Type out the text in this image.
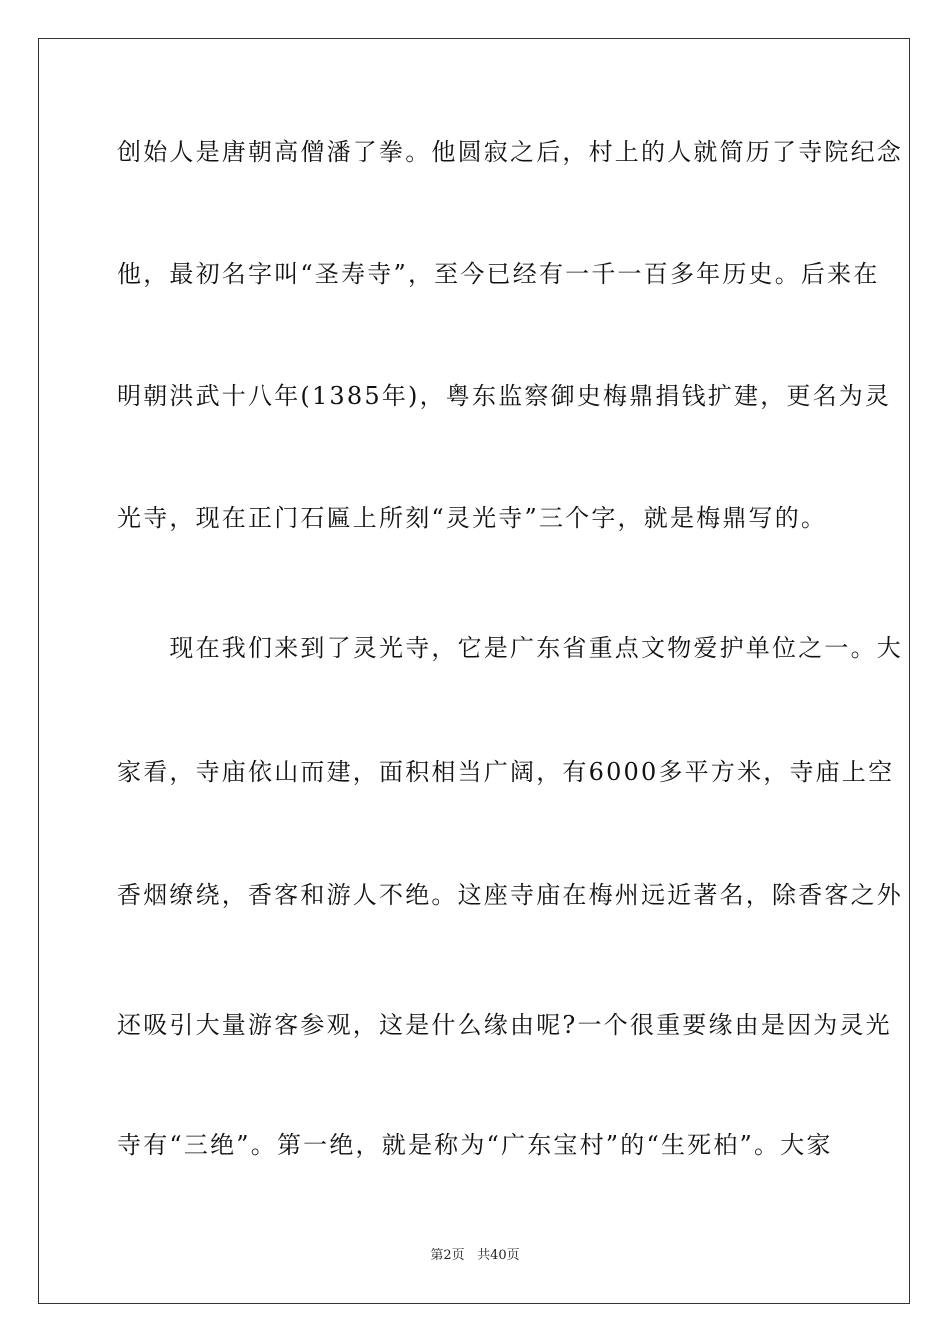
创始人是唐朝高僧潘了拳。他圆寂之后，村上的人就简历了寺院纪念
他，最初名字叫“圣寿寺”，至今已经有一千一百多年历史。后来在
明朝洪武十八年(1385年)，粤东监察御史梅鼎捐钱扩建，更名为灵
光寺，现在正门石匾上所刻“灵光寺”三个字，就是梅鼎写的。
　　现在我们来到了灵光寺，它是广东省重点文物爱护单位之一。大
家看，寺庙依山而建，面积相当广阔，有6000多平方米，寺庙上空
香烟缭绕，香客和游人不绝。这座寺庙在梅州远近著名，除香客之外
还吸引大量游客参观，这是什么缘由呢?一个很重要缘由是因为灵光
寺有“三绝”。第一绝，就是称为“广东宝村”的“生死柏”。大家
第2页 共40页
